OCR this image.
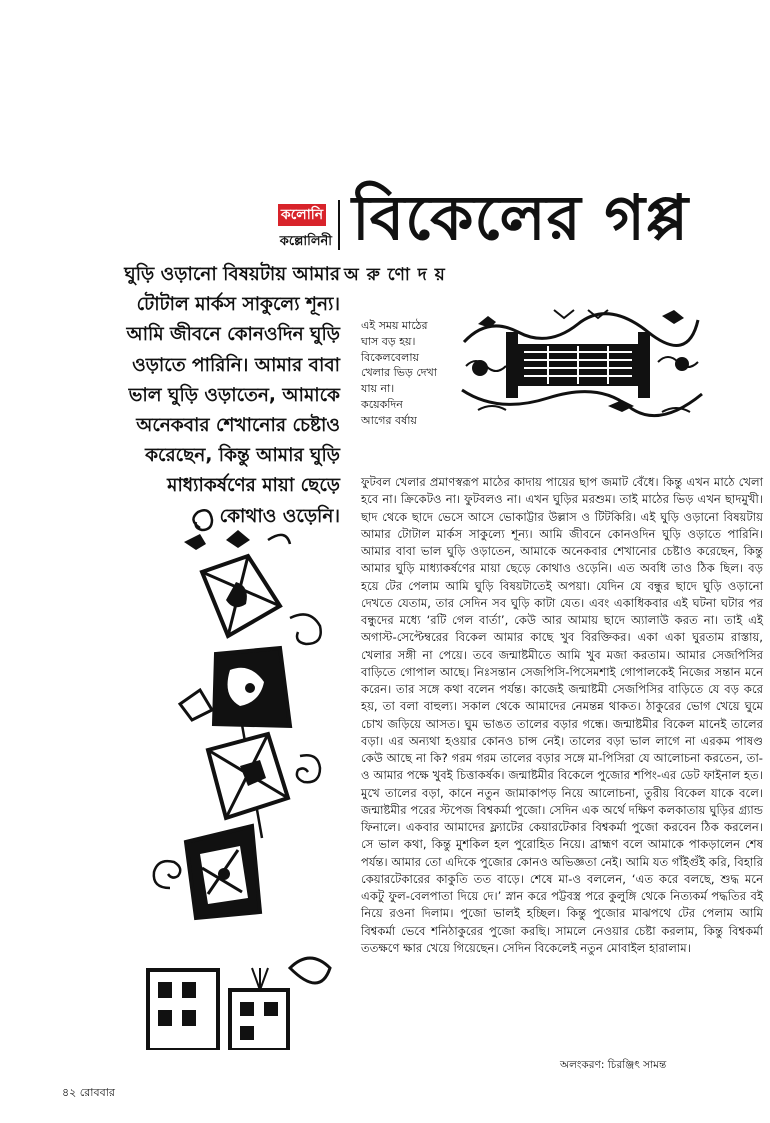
কলোনি
কল্লোলিনী বিকেলের গপ্প
অরুণোদয়
ঘুড়ি ওড়ানো বিষয়টায় আমার টোটাল মার্কস সাকুল্যে শূন্য। আমি জীবনে কোনওদিন ঘুড়ি ওড়াতে পারিনি। আমার বাবা ভাল ঘুড়ি ওড়াতেন, আমাকে অনেকবার শেখানোর চেষ্টাও করেছেন, কিন্তু আমার ঘুড়ি মাধ্যাকর্ষণের মায়া ছেড়ে কোথাও ওড়েনি।
এই সময় মাঠের
ঘাস বড় হয়।
বিকেলবেলায়
খেলার ভিড় দেখা
যায় না।
কয়েকদিন
আগের বর্ষায়

ফুটবল খেলার প্রমাণস্বরূপ মাঠের কাদায় পায়ের ছাপ জমাট বেঁধে। কিন্তু এখন মাঠে খেলা হবে না। ক্রিকেটও না। ফুটবলও না। এখন ঘুড়ির মরশুম। তাই মাঠের ভিড় এখন ছাদমুখী। ছাদ থেকে ছাদে ভেসে আসে ভোকাট্টার উল্লাস ও টিটকিরি। এই ঘুড়ি ওড়ানো বিষয়টায় আমার টোটাল মার্কস সাকুল্যে শূন্য। আমি জীবনে কোনওদিন ঘুড়ি ওড়াতে পারিনি। আমার বাবা ভাল ঘুড়ি ওড়াতেন, আমাকে অনেকবার শেখানোর চেষ্টাও করেছেন, কিন্তু আমার ঘুড়ি মাধ্যাকর্ষণের মায়া ছেড়ে কোথাও ওড়েনি। এত অবধি তাও ঠিক ছিল। বড় হয়ে টের পেলাম আমি ঘুড়ি বিষয়টাতেই অপয়া। যেদিন যে বন্ধুর ছাদে ঘুড়ি ওড়ানো দেখতে যেতাম, তার সেদিন সব ঘুড়ি কাটা যেত। এবং একাধিকবার এই ঘটনা ঘটার পর বন্ধুদের মধ্যে ‘রটি গেল বার্তা’, কেউ আর আমায় ছাদে অ্যালাউ করত না। তাই এই অগাস্ট-সেপ্টেম্বরের বিকেল আমার কাছে খুব বিরক্তিকর। একা একা ঘুরতাম রাস্তায়, খেলার সঙ্গী না পেয়ে। তবে জন্মাষ্টমীতে আমি খুব মজা করতাম। আমার সেজপিসির বাড়িতে গোপাল আছে। নিঃসন্তান সেজপিসি-পিসেমশাই গোপালকেই নিজের সন্তান মনে করেন। তার সঙ্গে কথা বলেন পর্যন্ত। কাজেই জন্মাষ্টমী সেজপিসির বাড়িতে যে বড় করে হয়, তা বলা বাহুল্য। সকাল থেকে আমাদের নেমন্তন্ন থাকত। ঠাকুরের ভোগ খেয়ে ঘুমে চোখ জড়িয়ে আসত। ঘুম ভাঙত তালের বড়ার গন্ধে। জন্মাষ্টমীর বিকেল মানেই তালের বড়া। এর অন্যথা হওয়ার কোনও চান্স নেই। তালের বড়া ভাল লাগে না এরকম পাষণ্ড কেউ আছে না কি? গরম গরম তালের বড়ার সঙ্গে মা-পিসিরা যে আলোচনা করতেন, তা-ও আমার পক্ষে খুবই চিত্তাকর্ষক। জন্মাষ্টমীর বিকেলে পুজোর শপিং-এর ডেট ফাইনাল হত। মুখে তালের বড়া, কানে নতুন জামাকাপড় নিয়ে আলোচনা, তুরীয় বিকেল যাকে বলে। জন্মাষ্টমীর পরের স্টপেজ বিশ্বকর্মা পুজো। সেদিন এক অর্থে দক্ষিণ কলকাতায় ঘুড়ির গ্র্যান্ড ফিনালে। একবার আমাদের ফ্ল্যাটের কেয়ারটেকার বিশ্বকর্মা পুজো করবেন ঠিক করলেন। সে ভাল কথা, কিন্তু মুশকিল হল পুরোহিত নিয়ে। ব্রাহ্মণ বলে আমাকে পাকড়ালেন শেষ পর্যন্ত। আমার তো এদিকে পুজোর কোনও অভিজ্ঞতা নেই। আমি যত গাঁইগুঁই করি, বিহারি কেয়ারটেকারের কাকুতি তত বাড়ে। শেষে মা-ও বললেন, ‘এত করে বলছে, শুদ্ধ মনে একটু ফুল-বেলপাতা দিয়ে দে।’ স্নান করে পট্টবস্ত্র পরে কুলুঙ্গি থেকে নিত্যকর্ম পদ্ধতির বই নিয়ে রওনা দিলাম। পুজো ভালই হচ্ছিল। কিন্তু পুজোর মাঝপথে টের পেলাম আমি বিশ্বকর্মা ভেবে শনিঠাকুরের পুজো করছি। সামলে নেওয়ার চেষ্টা করলাম, কিন্তু বিশ্বকর্মা ততক্ষণে ক্ষার খেয়ে গিয়েছেন। সেদিন বিকেলেই নতুন মোবাইল হারালাম।

অলংকরণ: চিরঞ্জিৎ সামন্ত
৪২ রোববার
